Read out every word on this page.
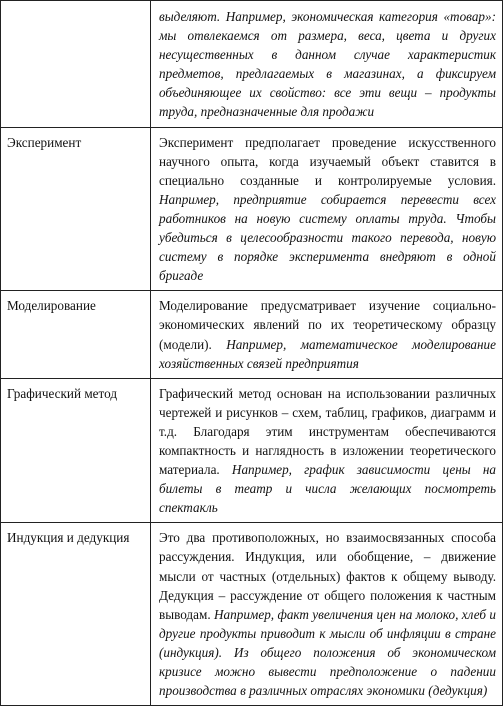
	выделяют. Например, экономическая категория «товар»: мы отвлекаемся от размера, веса, цвета и других несущественных в данном случае характеристик предметов, предлагаемых в магазинах, а фиксируем объединяющее их свойство: все эти вещи – продукты труда, предназначенные для продажи
Эксперимент	Эксперимент предполагает проведение искусственного научного опыта, когда изучаемый объект ставится в специально созданные и контролируемые условия. Например, предприятие собирается перевести всех работников на новую систему оплаты труда. Чтобы убедиться в целесообразности такого перевода, новую систему в порядке эксперимента внедряют в одной бригаде
Моделирование	Моделирование предусматривает изучение социально-экономических явлений по их теоретическому образцу (модели). Например, математическое моделирование хозяйственных связей предприятия
Графический метод	Графический метод основан на использовании различных чертежей и рисунков – схем, таблиц, графиков, диаграмм и т.д. Благодаря этим инструментам обеспечиваются компактность и наглядность в изложении теоретического материала. Например, график зависимости цены на билеты в театр и числа желающих посмотреть спектакль
Индукция и дедукция	Это два противоположных, но взаимосвязанных способа рассуждения. Индукция, или обобщение, – движение мысли от частных (отдельных) фактов к общему выводу. Дедукция – рассуждение от общего положения к частным выводам. Например, факт увеличения цен на молоко, хлеб и другие продукты приводит к мысли об инфляции в стране (индукция). Из общего положения об экономическом кризисе можно вывести предположение о падении производства в различных отраслях экономики (дедукция)
